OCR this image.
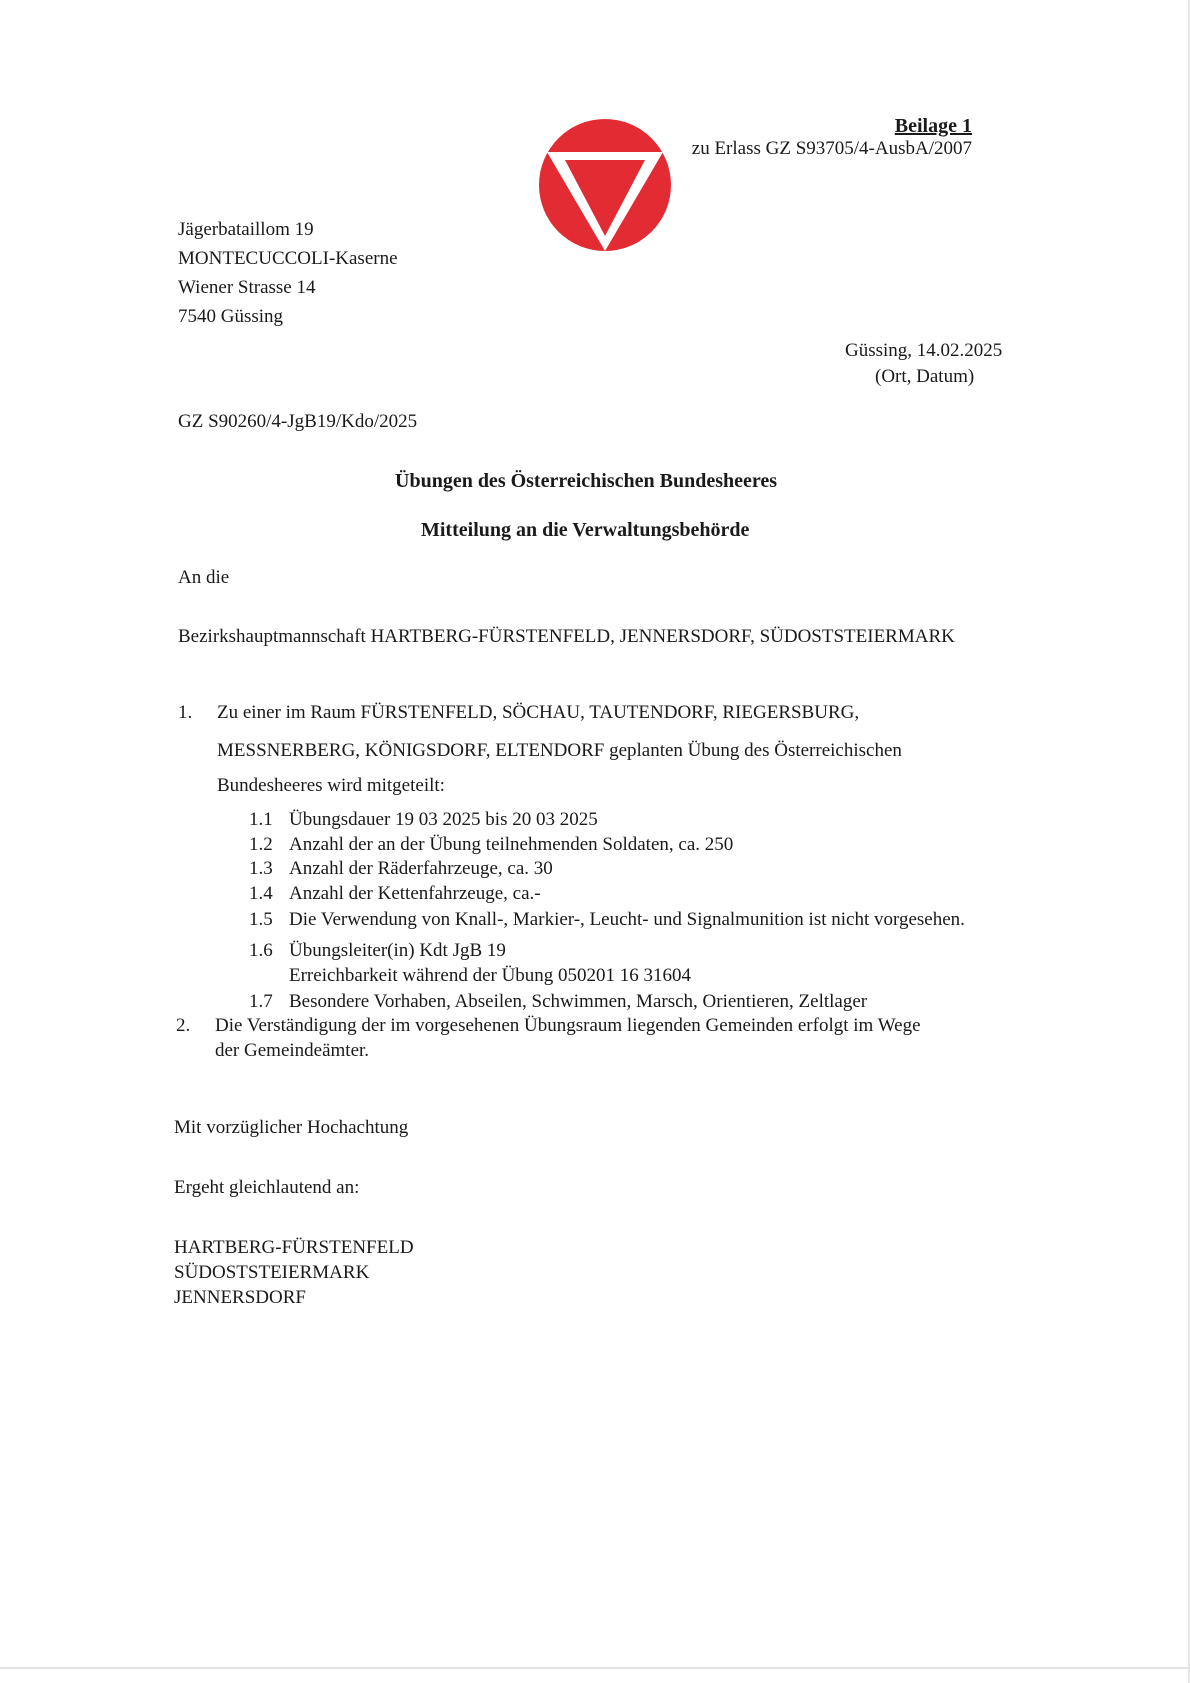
Beilage 1
zu Erlass GZ S93705/4-AusbA/2007
Jägerbataillom 19
MONTECUCCOLI-Kaserne
Wiener Strasse 14
7540 Güssing
Güssing, 14.02.2025
(Ort, Datum)
GZ S90260/4-JgB19/Kdo/2025
Übungen des Österreichischen Bundesheeres
Mitteilung an die Verwaltungsbehörde
An die
Bezirkshauptmannschaft HARTBERG-FÜRSTENFELD, JENNERSDORF, SÜDOSTSTEIERMARK
1. Zu einer im Raum FÜRSTENFELD, SÖCHAU, TAUTENDORF, RIEGERSBURG,
MESSNERBERG, KÖNIGSDORF, ELTENDORF geplanten Übung des Österreichischen
Bundesheeres wird mitgeteilt:
1.1 Übungsdauer 19 03 2025 bis 20 03 2025
1.2 Anzahl der an der Übung teilnehmenden Soldaten, ca. 250
1.3 Anzahl der Räderfahrzeuge, ca. 30
1.4 Anzahl der Kettenfahrzeuge, ca.-
1.5 Die Verwendung von Knall-, Markier-, Leucht- und Signalmunition ist nicht vorgesehen.
1.6 Übungsleiter(in) Kdt JgB 19
Erreichbarkeit während der Übung 050201 16 31604
1.7 Besondere Vorhaben, Abseilen, Schwimmen, Marsch, Orientieren, Zeltlager
2. Die Verständigung der im vorgesehenen Übungsraum liegenden Gemeinden erfolgt im Wege
der Gemeindeämter.
Mit vorzüglicher Hochachtung
Ergeht gleichlautend an:
HARTBERG-FÜRSTENFELD
SÜDOSTSTEIERMARK
JENNERSDORF
